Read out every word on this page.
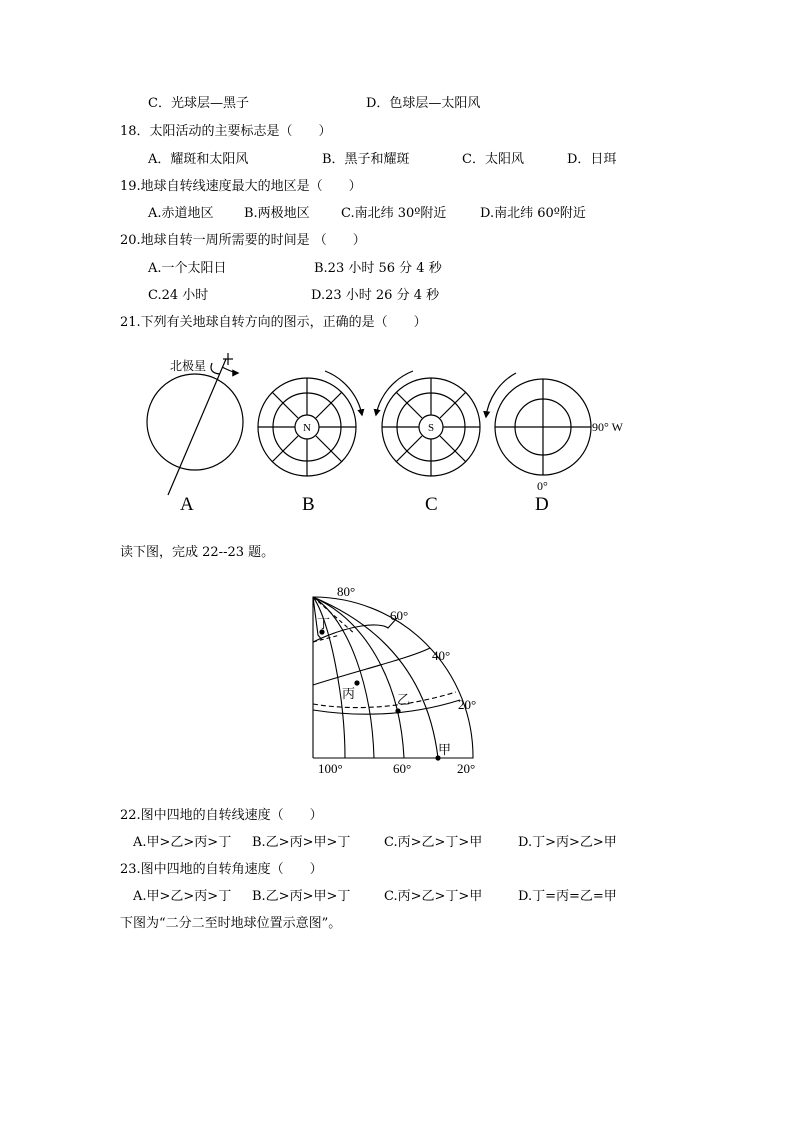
C．光球层—黑子	D．色球层—太阳风
18．太阳活动的主要标志是（　　）
A．耀斑和太阳风	B．黑子和耀斑	C．太阳风	D．日珥
19.地球自转线速度最大的地区是（　　）
A.赤道地区 B.两极地区 C.南北纬 30º附近	D.南北纬 60º附近
20.地球自转一周所需要的时间是 （　　）
A.一个太阳日	B.23 小时 56 分 4 秒
C.24 小时	D.23 小时 26 分 4 秒
21.下列有关地球自转方向的图示，正确的是（　　）
北极星
A
N
B
S
C
90° W
0°
D
读下图，完成 22--23 题。
80°
60°
40°
20°
100°	60°	20°
丁
丙	乙
甲
22.图中四地的自转线速度（　　）
A.甲>乙>丙>丁 B.乙>丙>甲>丁	C.丙>乙>丁>甲	D.丁>丙>乙>甲
23.图中四地的自转角速度（　　）
A.甲>乙>丙>丁 B.乙>丙>甲>丁	C.丙>乙>丁>甲	D.丁=丙=乙=甲
下图为“二分二至时地球位置示意图”。
